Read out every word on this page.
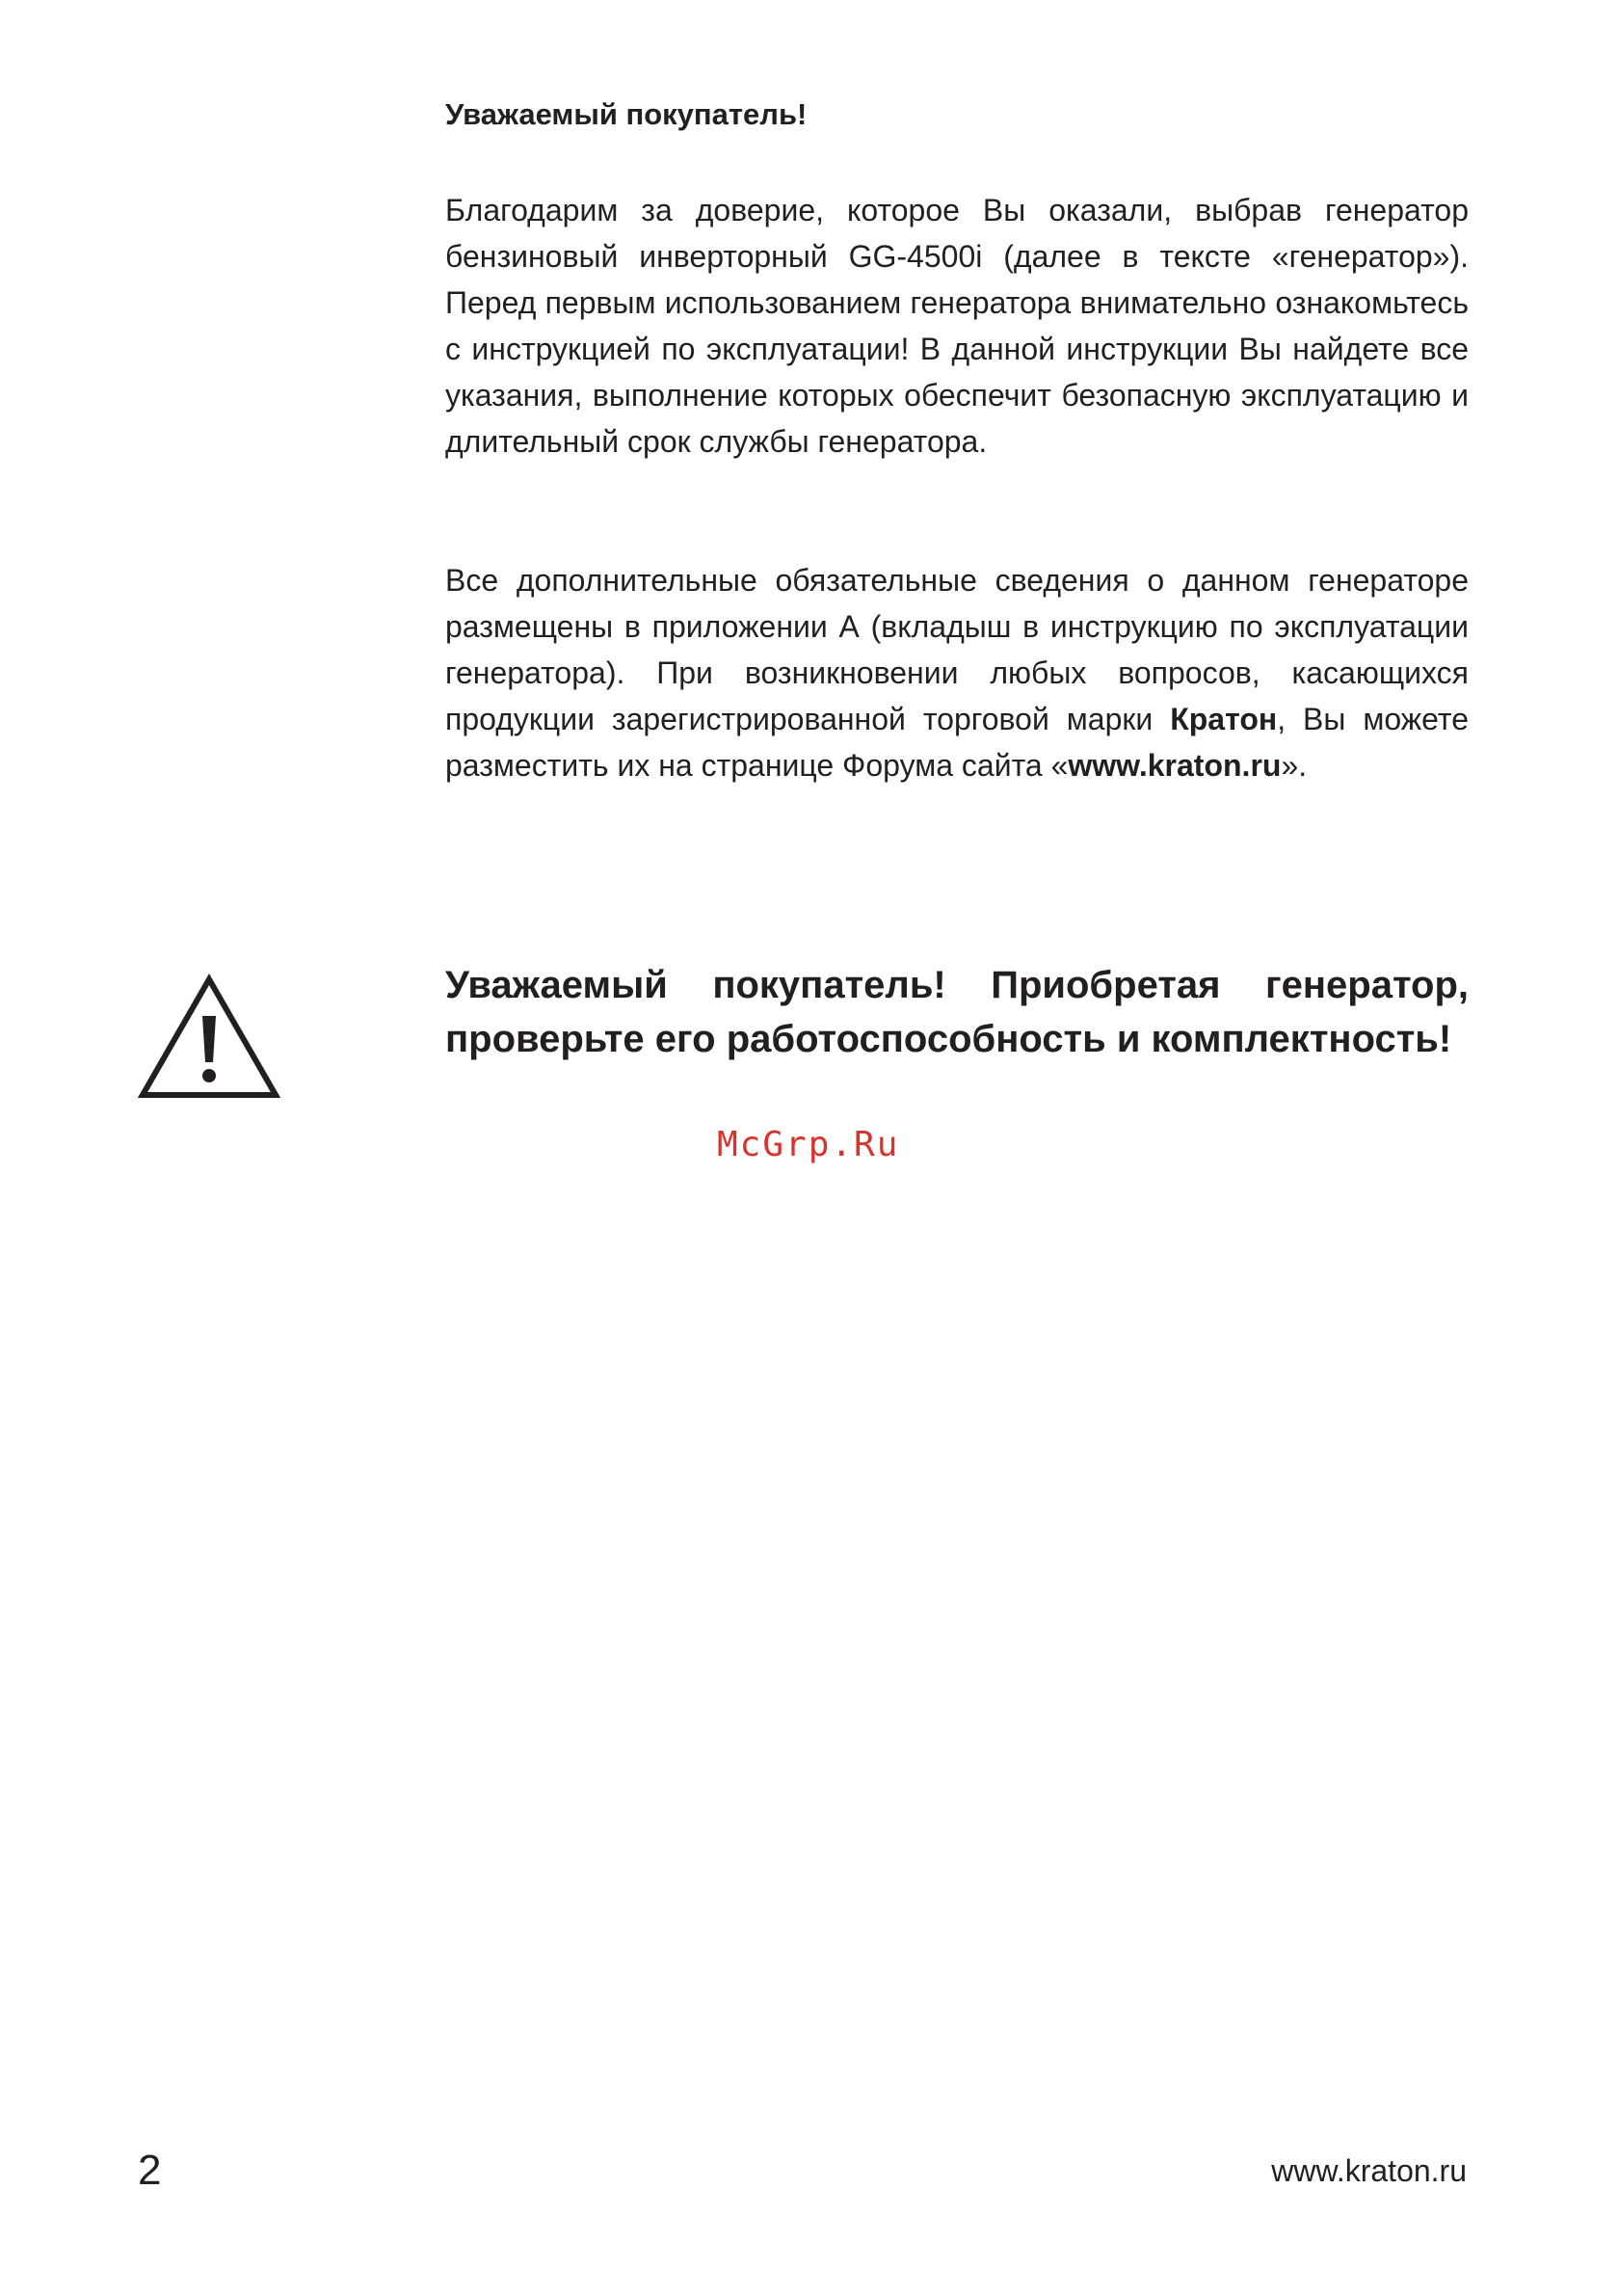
Уважаемый покупатель!

Благодарим за доверие, которое Вы оказали, выбрав генератор бензиновый инверторный GG-4500i (далее в тексте «генератор»). Перед первым использованием генератора внимательно ознакомьтесь с инструкцией по эксплуатации! В данной инструкции Вы найдете все указания, выполнение которых обеспечит безопасную эксплуатацию и длительный срок службы генератора.

Все дополнительные обязательные сведения о данном генераторе размещены в приложении А (вкладыш в инструкцию по эксплуатации генератора). При возникновении любых вопросов, касающихся продукции зарегистрированной торговой марки Кратон, Вы можете разместить их на странице Форума сайта «www.kraton.ru».

Уважаемый покупатель! Приобретая генератор, проверьте его работоспособность и комплектность!

McGrp.Ru

2	www.kraton.ru
